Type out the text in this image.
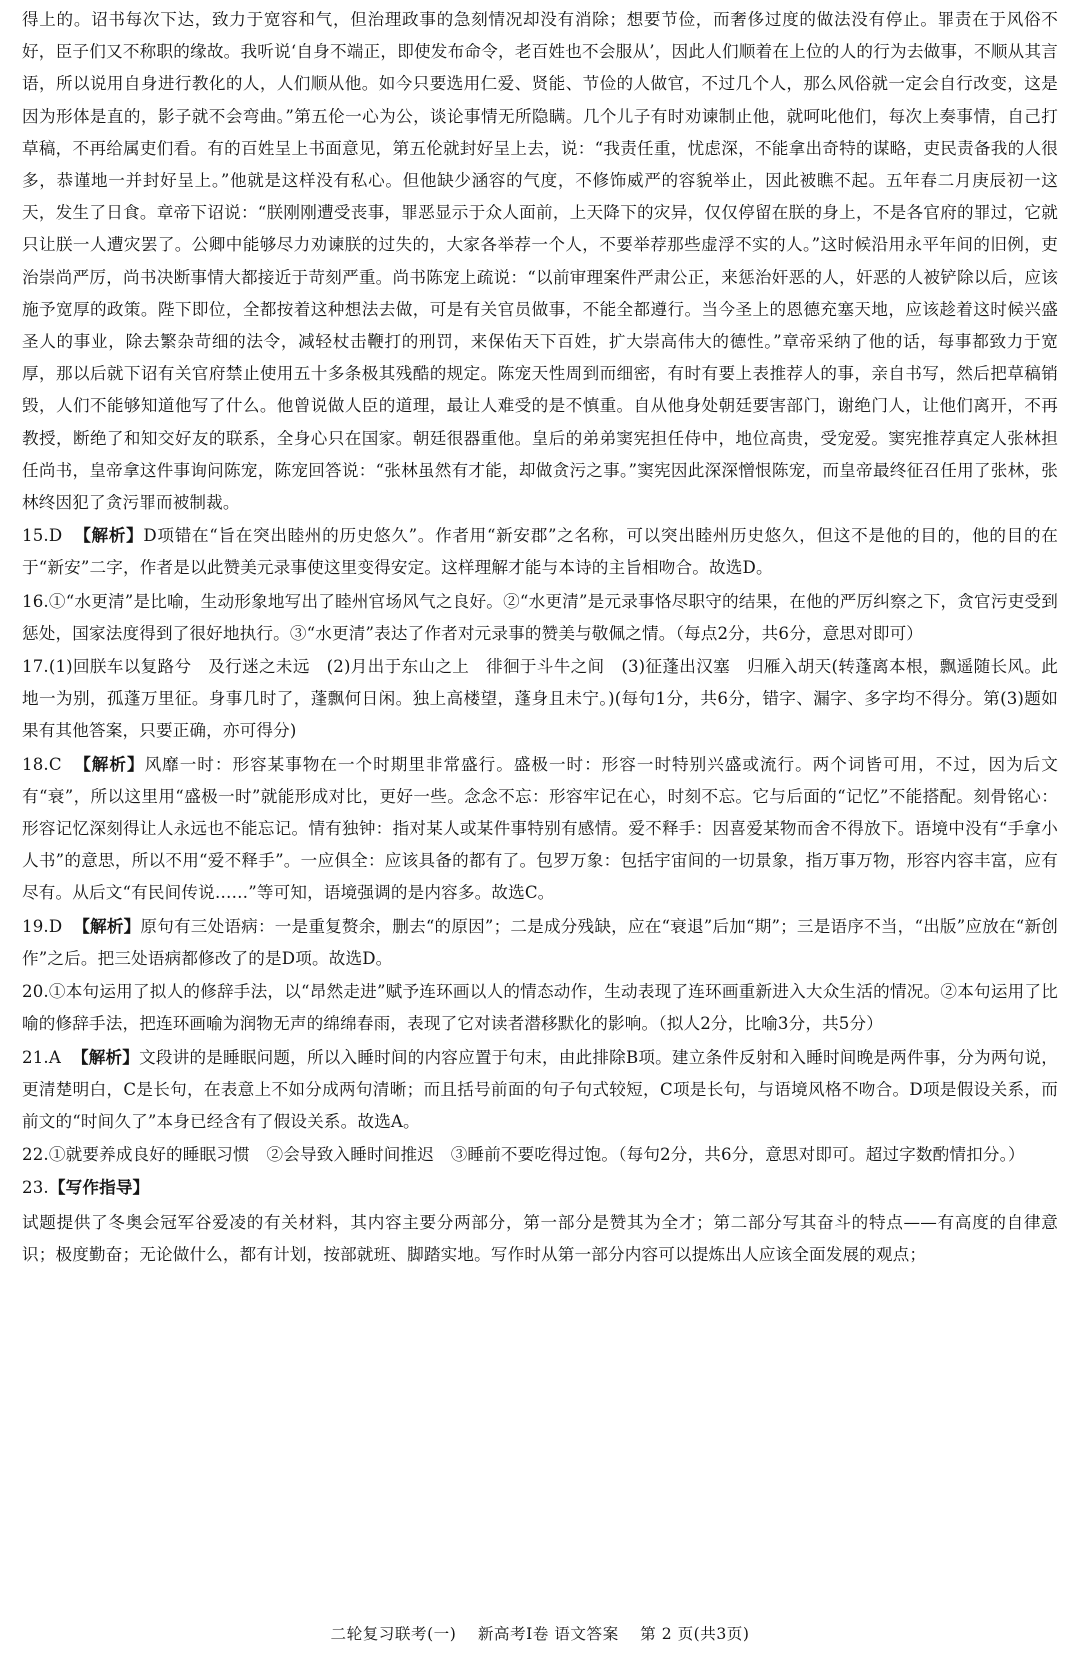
得上的。诏书每次下达，致力于宽容和气，但治理政事的急刻情况却没有消除；想要节俭，而奢侈过度的做法没有停止。罪责在于风俗不好，臣子们又不称职的缘故。我听说‘自身不端正，即使发布命令，老百姓也不会服从’，因此人们顺着在上位的人的行为去做事，不顺从其言语，所以说用自身进行教化的人，人们顺从他。如今只要选用仁爱、贤能、节俭的人做官，不过几个人，那么风俗就一定会自行改变，这是因为形体是直的，影子就不会弯曲。”第五伦一心为公，谈论事情无所隐瞒。几个儿子有时劝谏制止他，就呵叱他们，每次上奏事情，自己打草稿，不再给属吏们看。有的百姓呈上书面意见，第五伦就封好呈上去，说：“我责任重，忧虑深，不能拿出奇特的谋略，吏民责备我的人很多，恭谨地一并封好呈上。”他就是这样没有私心。但他缺少涵容的气度，不修饰威严的容貌举止，因此被瞧不起。五年春二月庚辰初一这天，发生了日食。章帝下诏说：“朕刚刚遭受丧事，罪恶显示于众人面前，上天降下的灾异，仅仅停留在朕的身上，不是各官府的罪过，它就只让朕一人遭灾罢了。公卿中能够尽力劝谏朕的过失的，大家各举荐一个人，不要举荐那些虚浮不实的人。”这时候沿用永平年间的旧例，吏治崇尚严厉，尚书决断事情大都接近于苛刻严重。尚书陈宠上疏说：“以前审理案件严肃公正，来惩治奸恶的人，奸恶的人被铲除以后，应该施予宽厚的政策。陛下即位，全都按着这种想法去做，可是有关官员做事，不能全都遵行。当今圣上的恩德充塞天地，应该趁着这时候兴盛圣人的事业，除去繁杂苛细的法令，减轻杖击鞭打的刑罚，来保佑天下百姓，扩大崇高伟大的德性。”章帝采纳了他的话，每事都致力于宽厚，那以后就下诏有关官府禁止使用五十多条极其残酷的规定。陈宠天性周到而细密，有时有要上表推荐人的事，亲自书写，然后把草稿销毁，人们不能够知道他写了什么。他曾说做人臣的道理，最让人难受的是不慎重。自从他身处朝廷要害部门，谢绝门人，让他们离开，不再教授，断绝了和知交好友的联系，全身心只在国家。朝廷很器重他。皇后的弟弟窦宪担任侍中，地位高贵，受宠爱。窦宪推荐真定人张林担任尚书，皇帝拿这件事询问陈宠，陈宠回答说：“张林虽然有才能，却做贪污之事。”窦宪因此深深憎恨陈宠，而皇帝最终征召任用了张林，张林终因犯了贪污罪而被制裁。

15.D 【解析】D项错在“旨在突出睦州的历史悠久”。作者用“新安郡”之名称，可以突出睦州历史悠久，但这不是他的目的，他的目的在于“新安”二字，作者是以此赞美元录事使这里变得安定。这样理解才能与本诗的主旨相吻合。故选D。

16.①“水更清”是比喻，生动形象地写出了睦州官场风气之良好。②“水更清”是元录事恪尽职守的结果，在他的严厉纠察之下，贪官污吏受到惩处，国家法度得到了很好地执行。③“水更清”表达了作者对元录事的赞美与敬佩之情。（每点2分，共6分，意思对即可）

17.(1)回朕车以复路兮　及行迷之未远　(2)月出于东山之上　徘徊于斗牛之间　(3)征蓬出汉塞　归雁入胡天(转蓬离本根，飘遥随长风。此地一为别，孤蓬万里征。身事几时了，蓬飘何日闲。独上高楼望，蓬身且未宁。)(每句1分，共6分，错字、漏字、多字均不得分。第(3)题如果有其他答案，只要正确，亦可得分)

18.C 【解析】风靡一时：形容某事物在一个时期里非常盛行。盛极一时：形容一时特别兴盛或流行。两个词皆可用，不过，因为后文有“衰”，所以这里用“盛极一时”就能形成对比，更好一些。念念不忘：形容牢记在心，时刻不忘。它与后面的“记忆”不能搭配。刻骨铭心：形容记忆深刻得让人永远也不能忘记。情有独钟：指对某人或某件事特别有感情。爱不释手：因喜爱某物而舍不得放下。语境中没有“手拿小人书”的意思，所以不用“爱不释手”。一应俱全：应该具备的都有了。包罗万象：包括宇宙间的一切景象，指万事万物，形容内容丰富，应有尽有。从后文“有民间传说……”等可知，语境强调的是内容多。故选C。

19.D 【解析】原句有三处语病：一是重复赘余，删去“的原因”；二是成分残缺，应在“衰退”后加“期”；三是语序不当，“出版”应放在“新创作”之后。把三处语病都修改了的是D项。故选D。

20.①本句运用了拟人的修辞手法，以“昂然走进”赋予连环画以人的情态动作，生动表现了连环画重新进入大众生活的情况。②本句运用了比喻的修辞手法，把连环画喻为润物无声的绵绵春雨，表现了它对读者潜移默化的影响。（拟人2分，比喻3分，共5分）

21.A 【解析】文段讲的是睡眠问题，所以入睡时间的内容应置于句末，由此排除B项。建立条件反射和入睡时间晚是两件事，分为两句说，更清楚明白，C是长句，在表意上不如分成两句清晰；而且括号前面的句子句式较短，C项是长句，与语境风格不吻合。D项是假设关系，而前文的“时间久了”本身已经含有了假设关系。故选A。

22.①就要养成良好的睡眠习惯　②会导致入睡时间推迟　③睡前不要吃得过饱。（每句2分，共6分，意思对即可。超过字数酌情扣分。）

23.【写作指导】

试题提供了冬奥会冠军谷爱凌的有关材料，其内容主要分两部分，第一部分是赞其为全才；第二部分写其奋斗的特点——有高度的自律意识；极度勤奋；无论做什么，都有计划，按部就班、脚踏实地。写作时从第一部分内容可以提炼出人应该全面发展的观点；

二轮复习联考(一) 新高考Ⅰ卷 语文答案 第 2 页(共3页)
